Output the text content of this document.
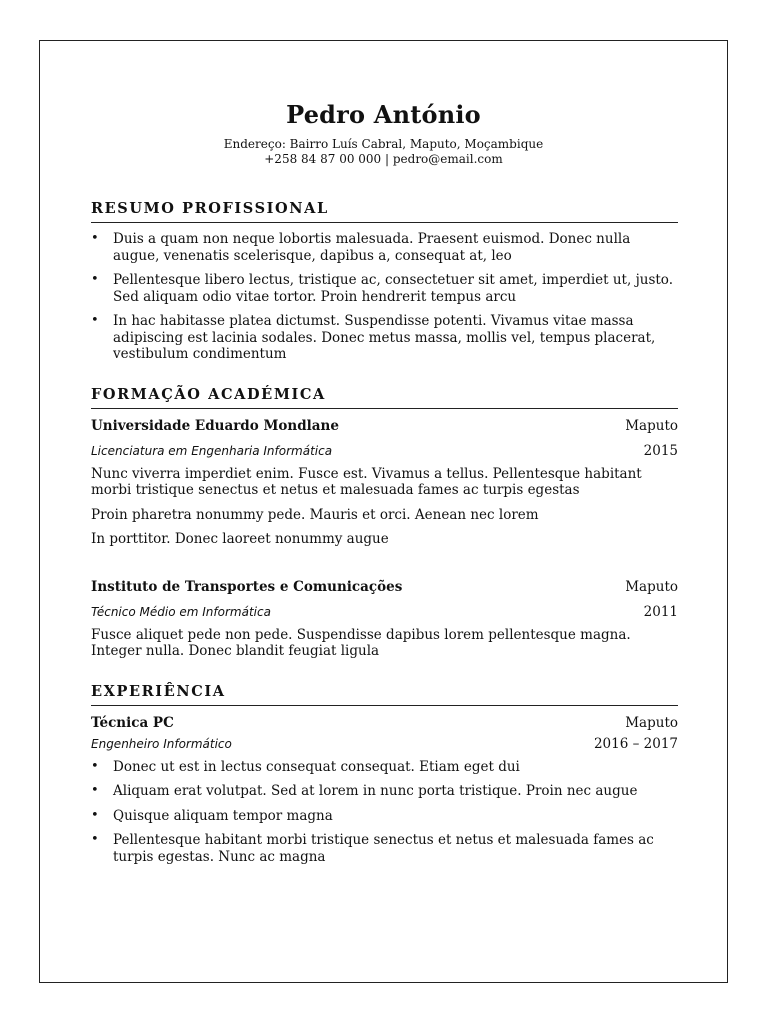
Pedro António
Endereço: Bairro Luís Cabral, Maputo, Moçambique
+258 84 87 00 000 | pedro@email.com
RESUMO PROFISSIONAL
• Duis a quam non neque lobortis malesuada. Praesent euismod. Donec nulla augue, venenatis scelerisque, dapibus a, consequat at, leo
• Pellentesque libero lectus, tristique ac, consectetuer sit amet, imperdiet ut, justo. Sed aliquam odio vitae tortor. Proin hendrerit tempus arcu
• In hac habitasse platea dictumst. Suspendisse potenti. Vivamus vitae massa adipiscing est lacinia sodales. Donec metus massa, mollis vel, tempus placerat, vestibulum condimentum
FORMAÇÃO ACADÉMICA
Universidade Eduardo Mondlane	Maputo
Licenciatura em Engenharia Informática	2015

Nunc viverra imperdiet enim. Fusce est. Vivamus a tellus. Pellentesque habitant morbi tristique senectus et netus et malesuada fames ac turpis egestas

Proin pharetra nonummy pede. Mauris et orci. Aenean nec lorem

In porttitor. Donec laoreet nonummy augue

Instituto de Transportes e Comunicações	Maputo
Técnico Médio em Informática	2011

Fusce aliquet pede non pede. Suspendisse dapibus lorem pellentesque magna. Integer nulla. Donec blandit feugiat ligula

EXPERIÊNCIA
Técnica PC	Maputo
Engenheiro Informático	2016 – 2017
• Donec ut est in lectus consequat consequat. Etiam eget dui
• Aliquam erat volutpat. Sed at lorem in nunc porta tristique. Proin nec augue
• Quisque aliquam tempor magna
• Pellentesque habitant morbi tristique senectus et netus et malesuada fames ac turpis egestas. Nunc ac magna
